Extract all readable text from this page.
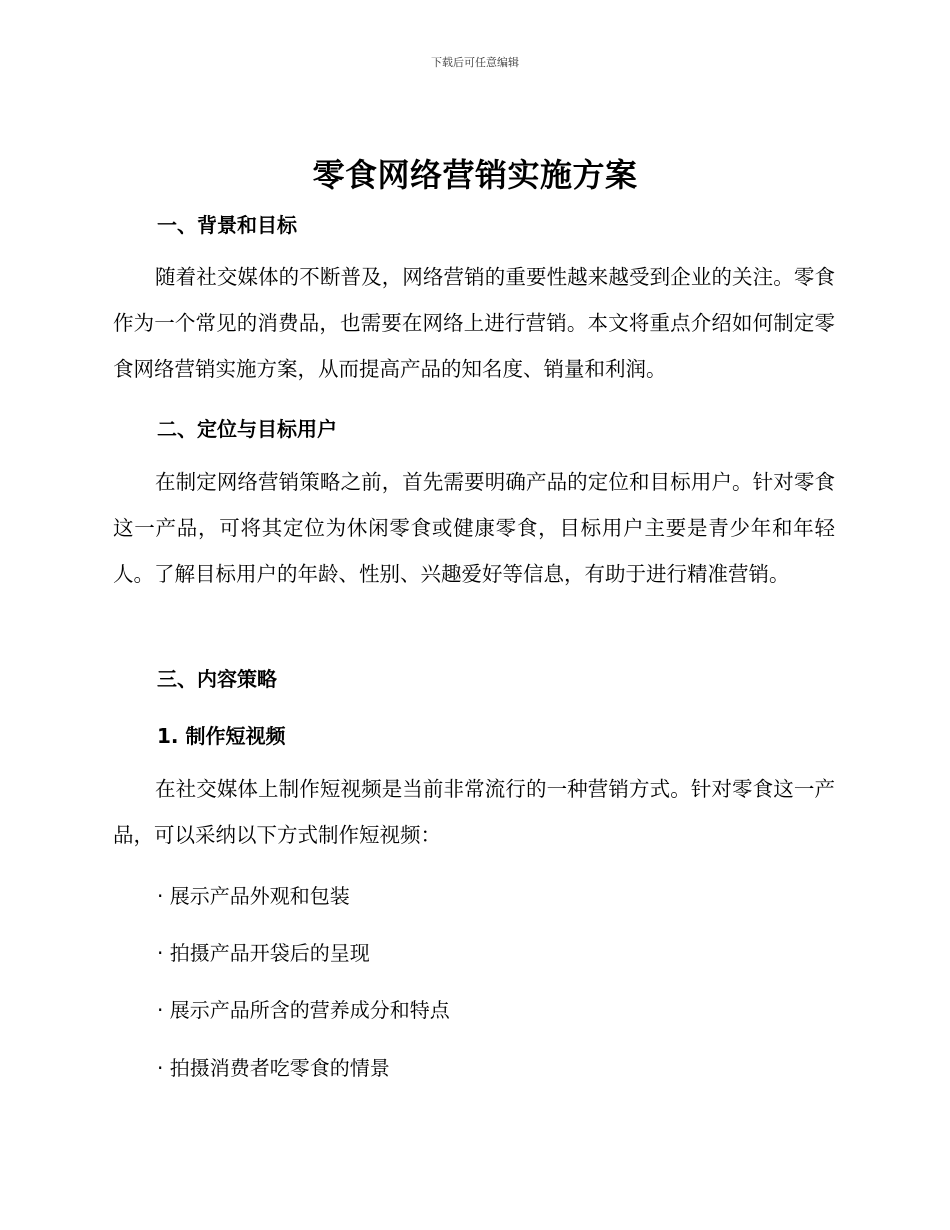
下载后可任意编辑
零食网络营销实施方案
一、背景和目标

随着社交媒体的不断普及，网络营销的重要性越来越受到企业的关注。零食作为一个常见的消费品，也需要在网络上进行营销。本文将重点介绍如何制定零食网络营销实施方案，从而提高产品的知名度、销量和利润。

二、定位与目标用户

在制定网络营销策略之前，首先需要明确产品的定位和目标用户。针对零食这一产品，可将其定位为休闲零食或健康零食，目标用户主要是青少年和年轻人。了解目标用户的年龄、性别、兴趣爱好等信息，有助于进行精准营销。

三、内容策略
1. 制作短视频

在社交媒体上制作短视频是当前非常流行的一种营销方式。针对零食这一产品，可以采纳以下方式制作短视频：

· 展示产品外观和包装
· 拍摄产品开袋后的呈现
· 展示产品所含的营养成分和特点
· 拍摄消费者吃零食的情景
